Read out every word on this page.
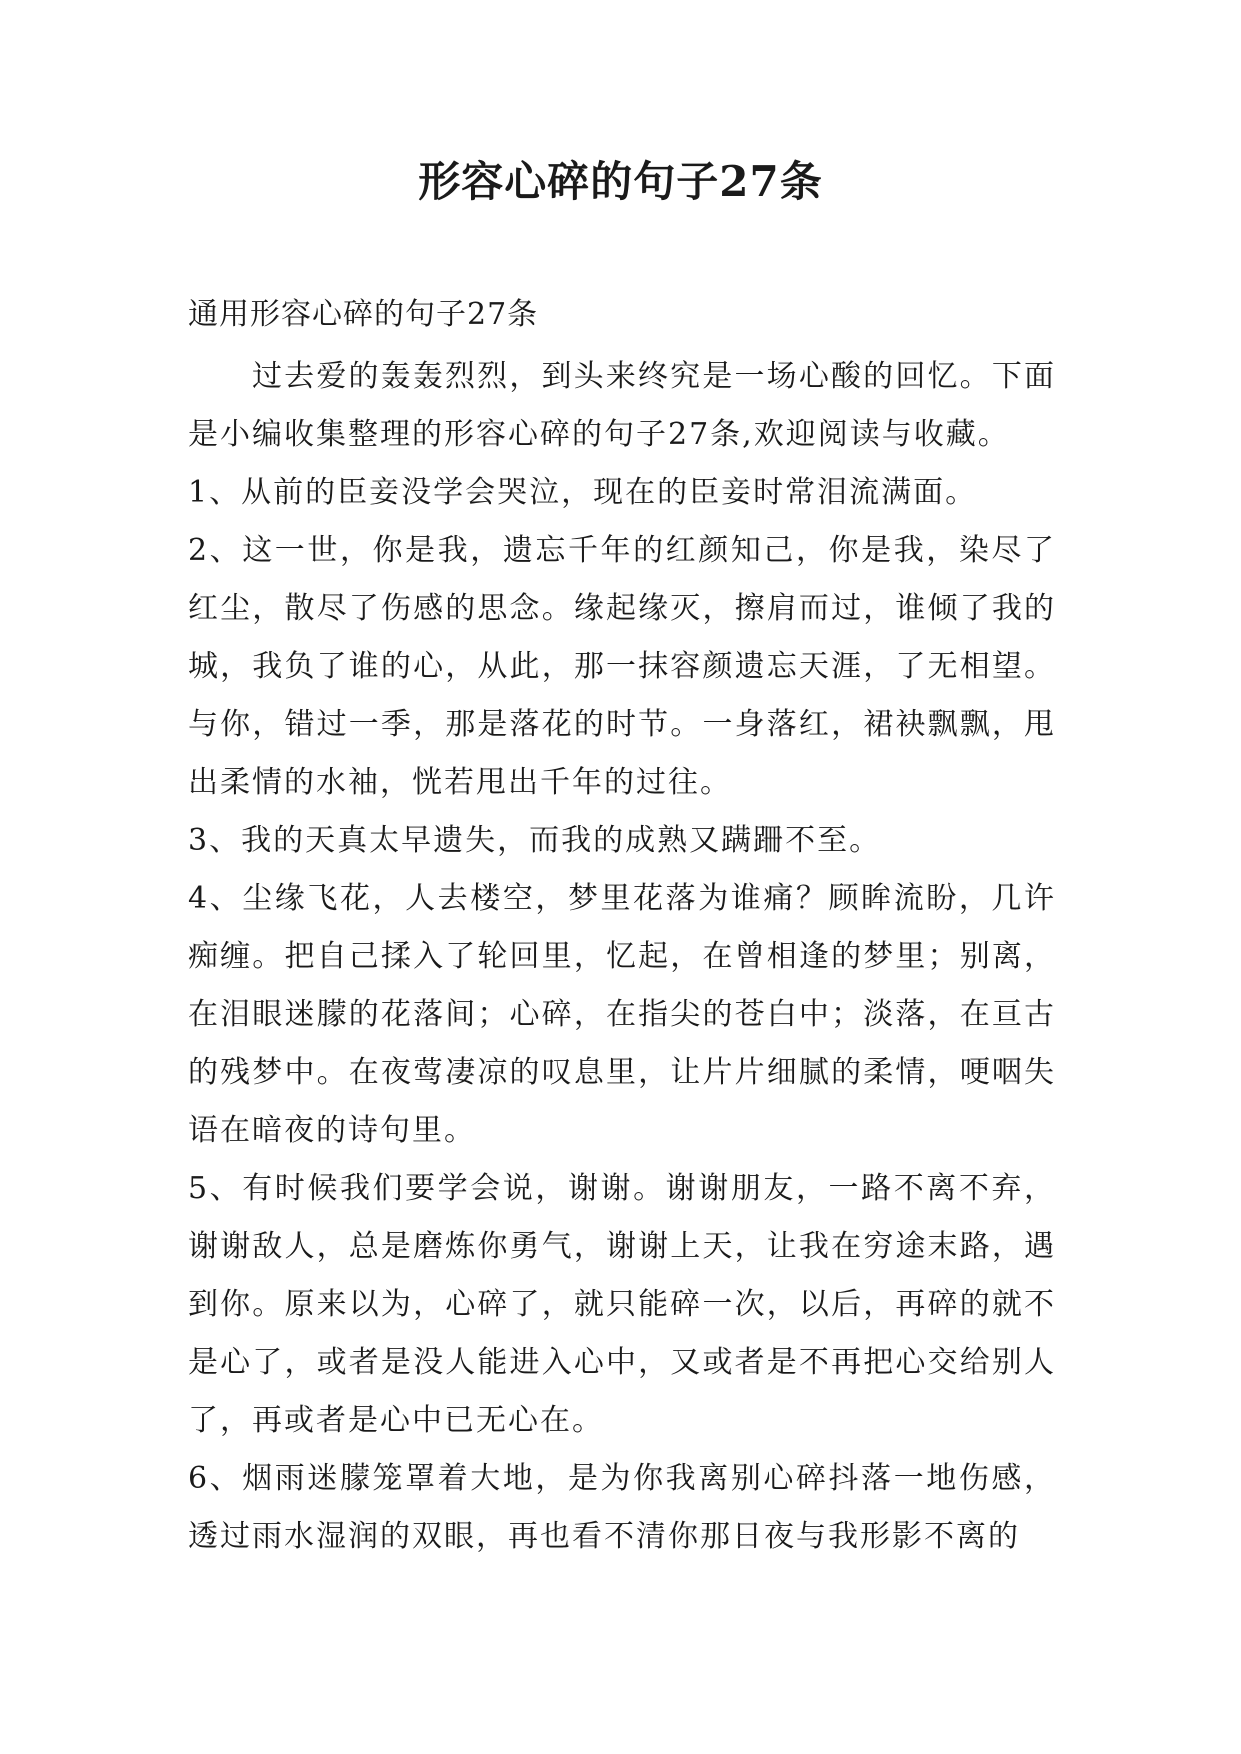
形容心碎的句子27条

通用形容心碎的句子27条

过去爱的轰轰烈烈，到头来终究是一场心酸的回忆。下面是小编收集整理的形容心碎的句子27条,欢迎阅读与收藏。

1、从前的臣妾没学会哭泣，现在的臣妾时常泪流满面。

2、这一世，你是我，遗忘千年的红颜知己，你是我，染尽了红尘，散尽了伤感的思念。缘起缘灭，擦肩而过，谁倾了我的城，我负了谁的心，从此，那一抹容颜遗忘天涯，了无相望。与你，错过一季，那是落花的时节。一身落红，裙袂飘飘，甩出柔情的水袖，恍若甩出千年的过往。

3、我的天真太早遗失，而我的成熟又蹒跚不至。

4、尘缘飞花，人去楼空，梦里花落为谁痛？顾眸流盼，几许痴缠。把自己揉入了轮回里，忆起，在曾相逢的梦里；别离，在泪眼迷朦的花落间；心碎，在指尖的苍白中；淡落，在亘古的残梦中。在夜莺凄凉的叹息里，让片片细腻的柔情，哽咽失语在暗夜的诗句里。

5、有时候我们要学会说，谢谢。谢谢朋友，一路不离不弃，谢谢敌人，总是磨炼你勇气，谢谢上天，让我在穷途末路，遇到你。原来以为，心碎了，就只能碎一次，以后，再碎的就不是心了，或者是没人能进入心中，又或者是不再把心交给别人了，再或者是心中已无心在。

6、烟雨迷朦笼罩着大地，是为你我离别心碎抖落一地伤感，透过雨水湿润的双眼，再也看不清你那日夜与我形影不离的
